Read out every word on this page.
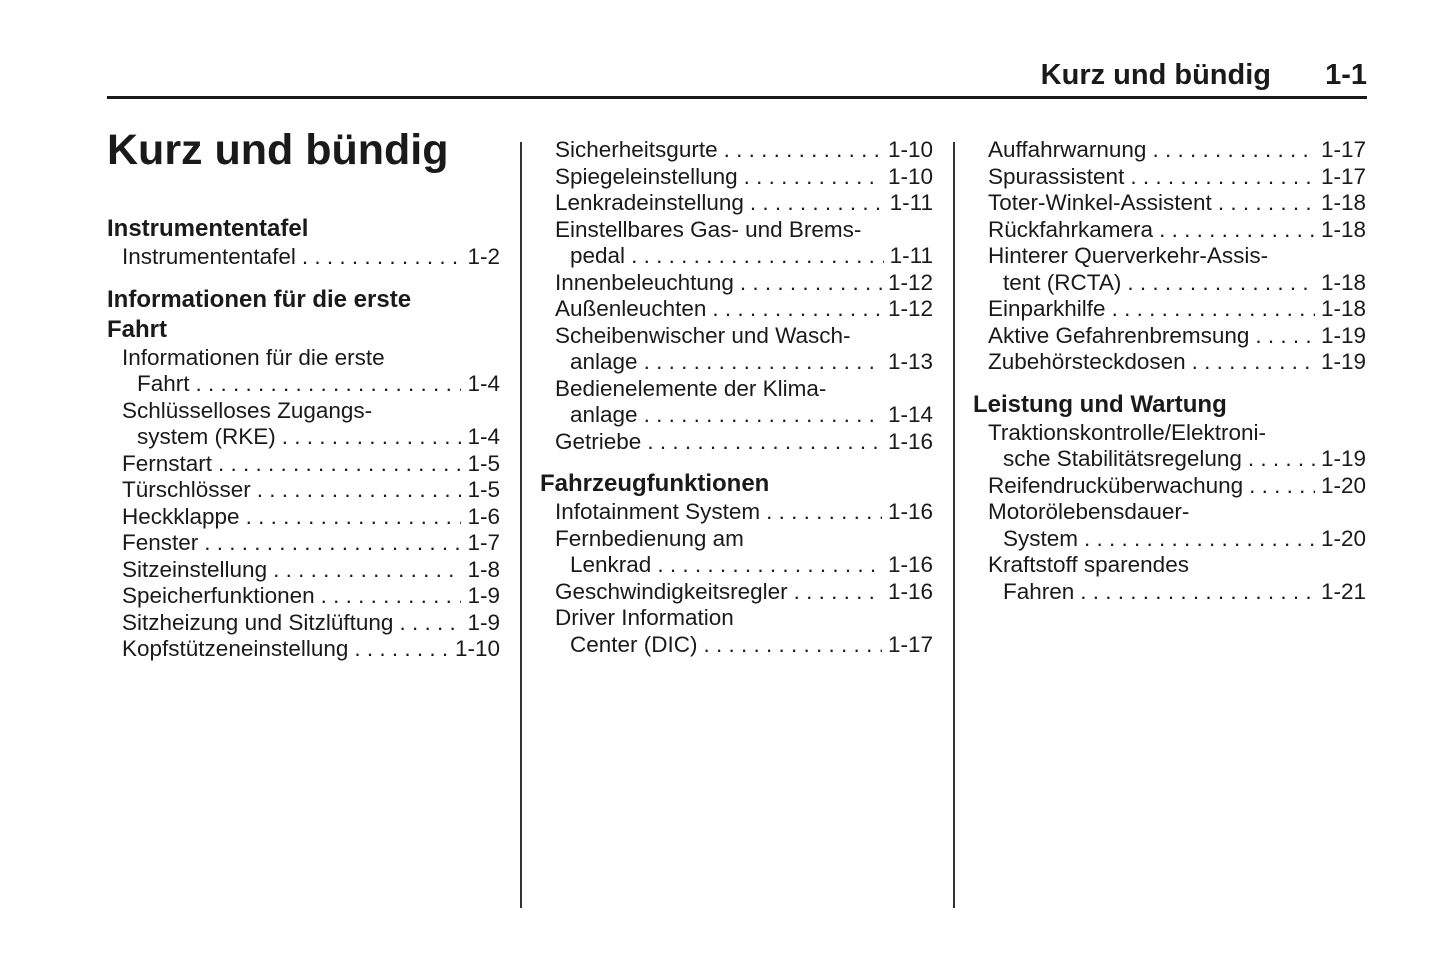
Kurz und bündig 1-1
Kurz und bündig
Instrumententafel
Instrumententafel . . .	1-2
Informationen für die erste
Fahrt
Informationen für die erste
Fahrt . . .	1-4
Schlüsselloses Zugangs-
system (RKE) . . .	1-4
Fernstart . . .	1-5
Türschlösser . . .	1-5
Heckklappe . . .	1-6
Fenster . . .	1-7
Sitzeinstellung . . .	1-8
Speicherfunktionen . . .	1-9
Sitzheizung und Sitzlüftung . . .	1-9
Kopfstützeneinstellung . . .	1-10
Sicherheitsgurte . . .	1-10
Spiegeleinstellung . . .	1-10
Lenkradeinstellung . . .	1-11
Einstellbares Gas- und Brems-
pedal . . .	1-11
Innenbeleuchtung . . .	1-12
Außenleuchten . . .	1-12
Scheibenwischer und Wasch-
anlage . . .	1-13
Bedienelemente der Klima-
anlage . . .	1-14
Getriebe . . .	1-16
Fahrzeugfunktionen
Infotainment System . . .	1-16
Fernbedienung am
Lenkrad . . .	1-16
Geschwindigkeitsregler . . .	1-16
Driver Information
Center (DIC) . . .	1-17
Auffahrwarnung . . .	1-17
Spurassistent . . .	1-17
Toter-Winkel-Assistent . . .	1-18
Rückfahrkamera . . .	1-18
Hinterer Querverkehr-Assis-
tent (RCTA) . . .	1-18
Einparkhilfe . . .	1-18
Aktive Gefahrenbremsung . . .	1-19
Zubehörsteckdosen . . .	1-19
Leistung und Wartung
Traktionskontrolle/Elektroni-
sche Stabilitätsregelung . . .	1-19
Reifendrucküberwachung . . .	1-20
Motorölebensdauer-
System . . .	1-20
Kraftstoff sparendes
Fahren . . .	1-21
